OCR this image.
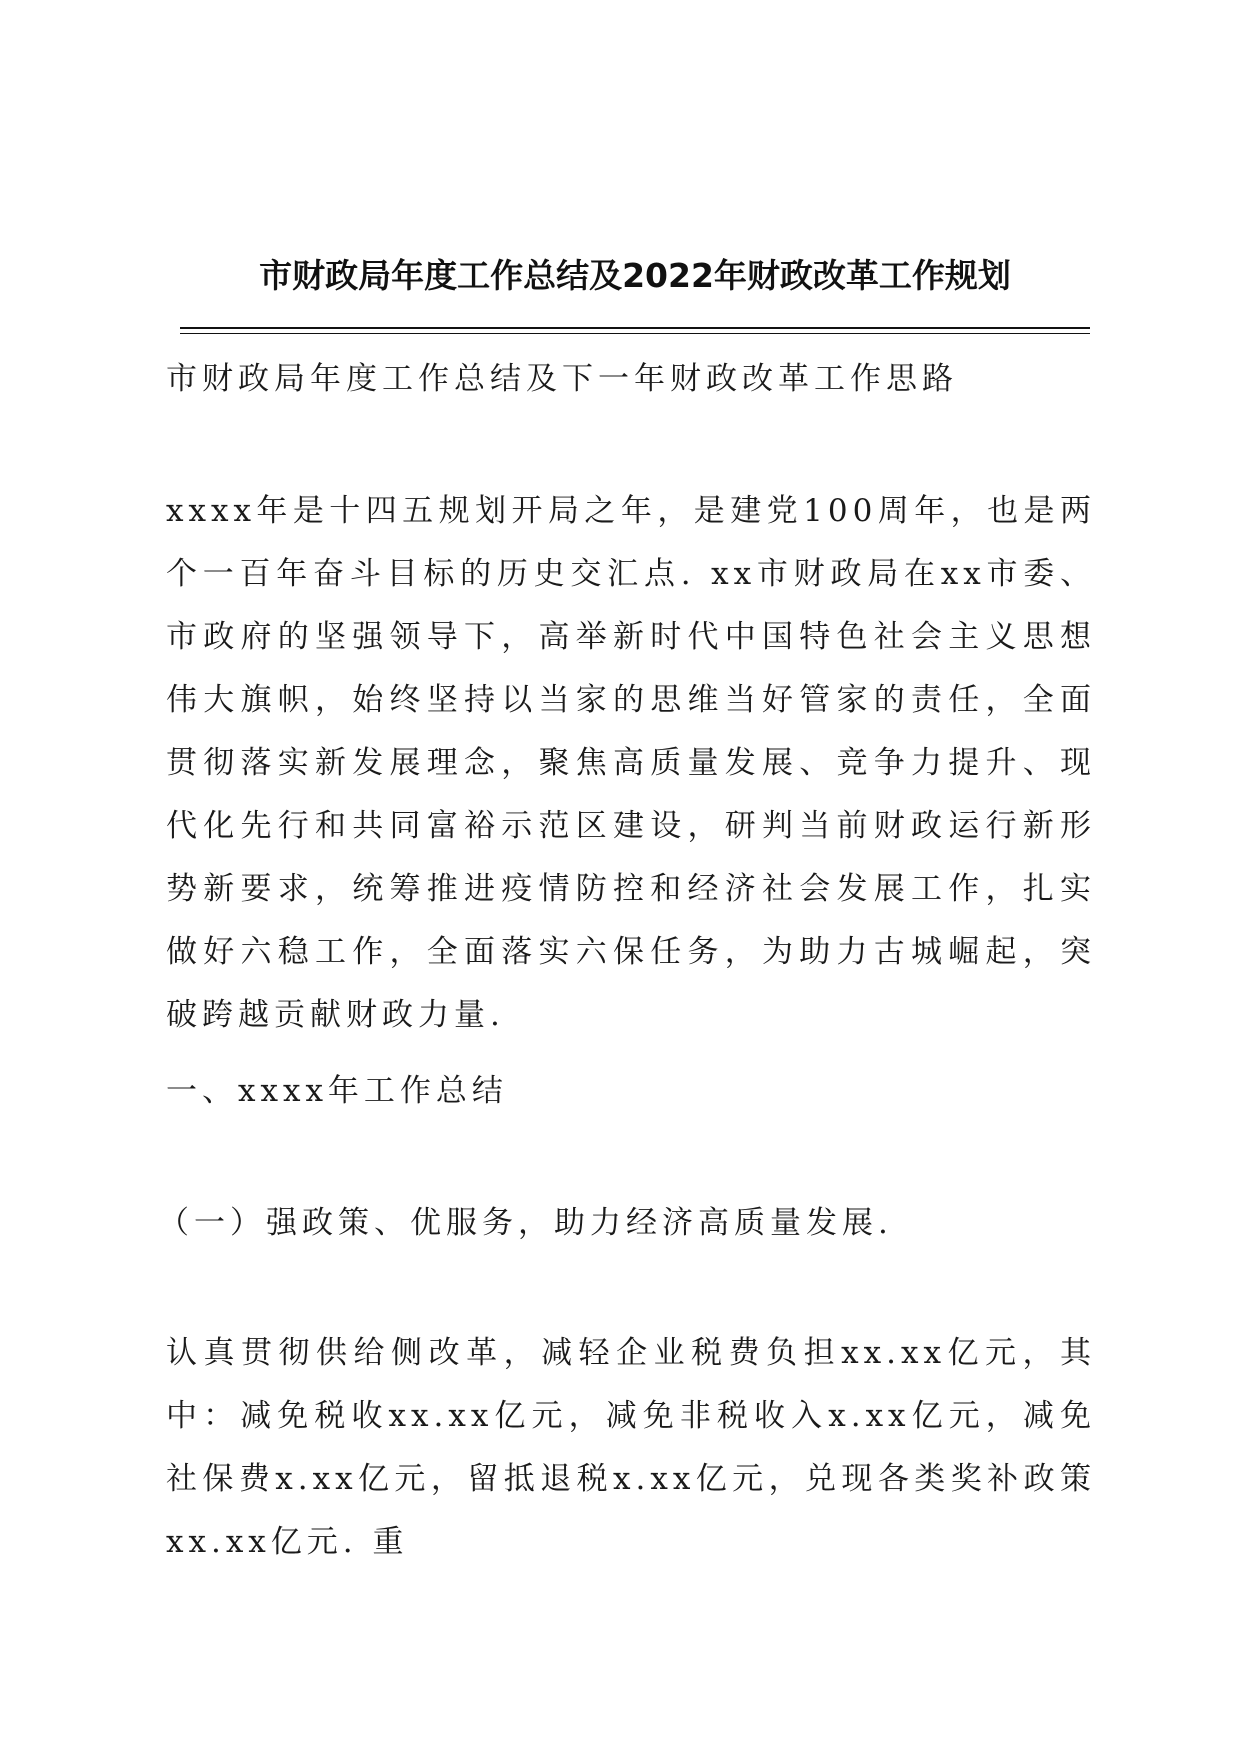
市财政局年度工作总结及2022年财政改革工作规划

市财政局年度工作总结及下一年财政改革工作思路

xxxx年是十四五规划开局之年，是建党100周年，也是两个一百年奋斗目标的历史交汇点. xx市财政局在xx市委、市政府的坚强领导下，高举新时代中国特色社会主义思想伟大旗帜，始终坚持以当家的思维当好管家的责任，全面贯彻落实新发展理念，聚焦高质量发展、竞争力提升、现代化先行和共同富裕示范区建设，研判当前财政运行新形势新要求，统筹推进疫情防控和经济社会发展工作，扎实做好六稳工作，全面落实六保任务，为助力古城崛起，突破跨越贡献财政力量.

一、xxxx年工作总结

（一）强政策、优服务，助力经济高质量发展.

认真贯彻供给侧改革，减轻企业税费负担xx.xx亿元，其中：减免税收xx.xx亿元，减免非税收入x.xx亿元，减免社保费x.xx亿元，留抵退税x.xx亿元，兑现各类奖补政策xx.xx亿元. 重
